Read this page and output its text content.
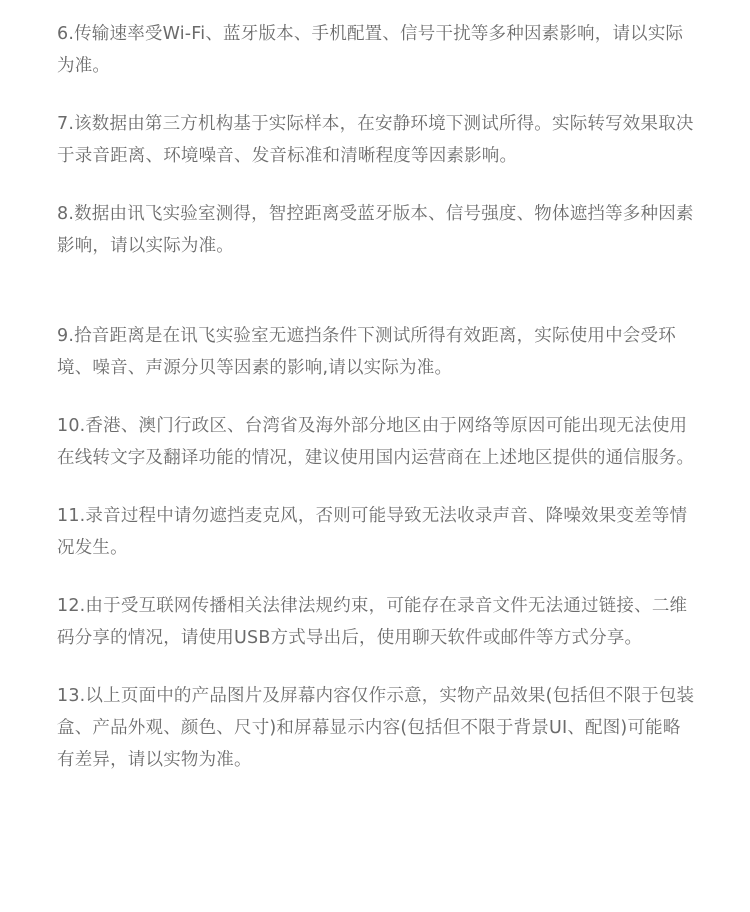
6.传输速率受Wi-Fi、蓝牙版本、手机配置、信号干扰等多种因素影响，请以实际为准。

7.该数据由第三方机构基于实际样本，在安静环境下测试所得。实际转写效果取决于录音距离、环境噪音、发音标准和清晰程度等因素影响。

8.数据由讯飞实验室测得，智控距离受蓝牙版本、信号强度、物体遮挡等多种因素影响，请以实际为准。

9.拾音距离是在讯飞实验室无遮挡条件下测试所得有效距离，实际使用中会受环境、噪音、声源分贝等因素的影响,请以实际为准。

10.香港、澳门行政区、台湾省及海外部分地区由于网络等原因可能出现无法使用在线转文字及翻译功能的情况，建议使用国内运营商在上述地区提供的通信服务。

11.录音过程中请勿遮挡麦克风，否则可能导致无法收录声音、降噪效果变差等情况发生。

12.由于受互联网传播相关法律法规约束，可能存在录音文件无法通过链接、二维码分享的情况，请使用USB方式导出后，使用聊天软件或邮件等方式分享。

13.以上页面中的产品图片及屏幕内容仅作示意，实物产品效果(包括但不限于包装盒、产品外观、颜色、尺寸)和屏幕显示内容(包括但不限于背景UI、配图)可能略有差异，请以实物为准。
